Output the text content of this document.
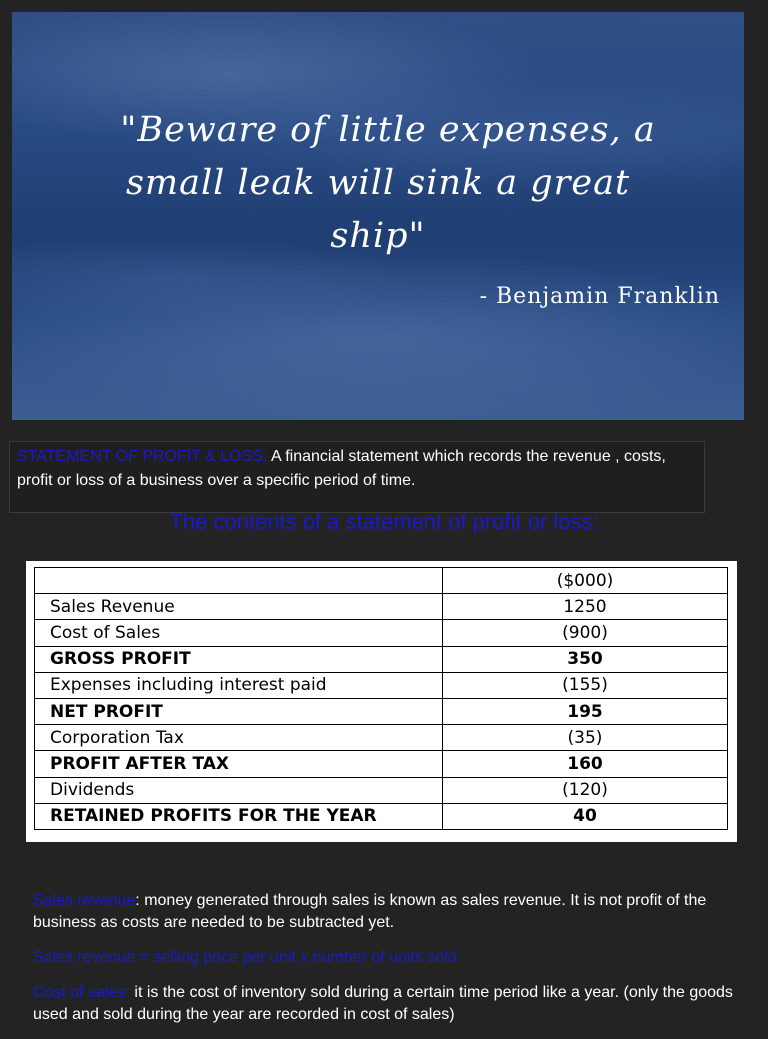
"Beware of little expenses, a
small leak will sink a great
ship"
- Benjamin Franklin
STATEMENT OF PROFIT & LOSS: A financial statement which records the revenue , costs, profit or loss of a business over a specific period of time.
The contents of a statement of profit or loss:
	($000)
Sales Revenue	1250
Cost of Sales	(900)
GROSS PROFIT	350
Expenses including interest paid	(155)
NET PROFIT	195
Corporation Tax	(35)
PROFIT AFTER TAX	160
Dividends	(120)
RETAINED PROFITS FOR THE YEAR	40

Sales revenue: money generated through sales is known as sales revenue. It is not profit of the business as costs are needed to be subtracted yet.

Sales revenue = selling price per unit x number of units sold.

Cost of sales: it is the cost of inventory sold during a certain time period like a year. (only the goods used and sold during the year are recorded in cost of sales)
